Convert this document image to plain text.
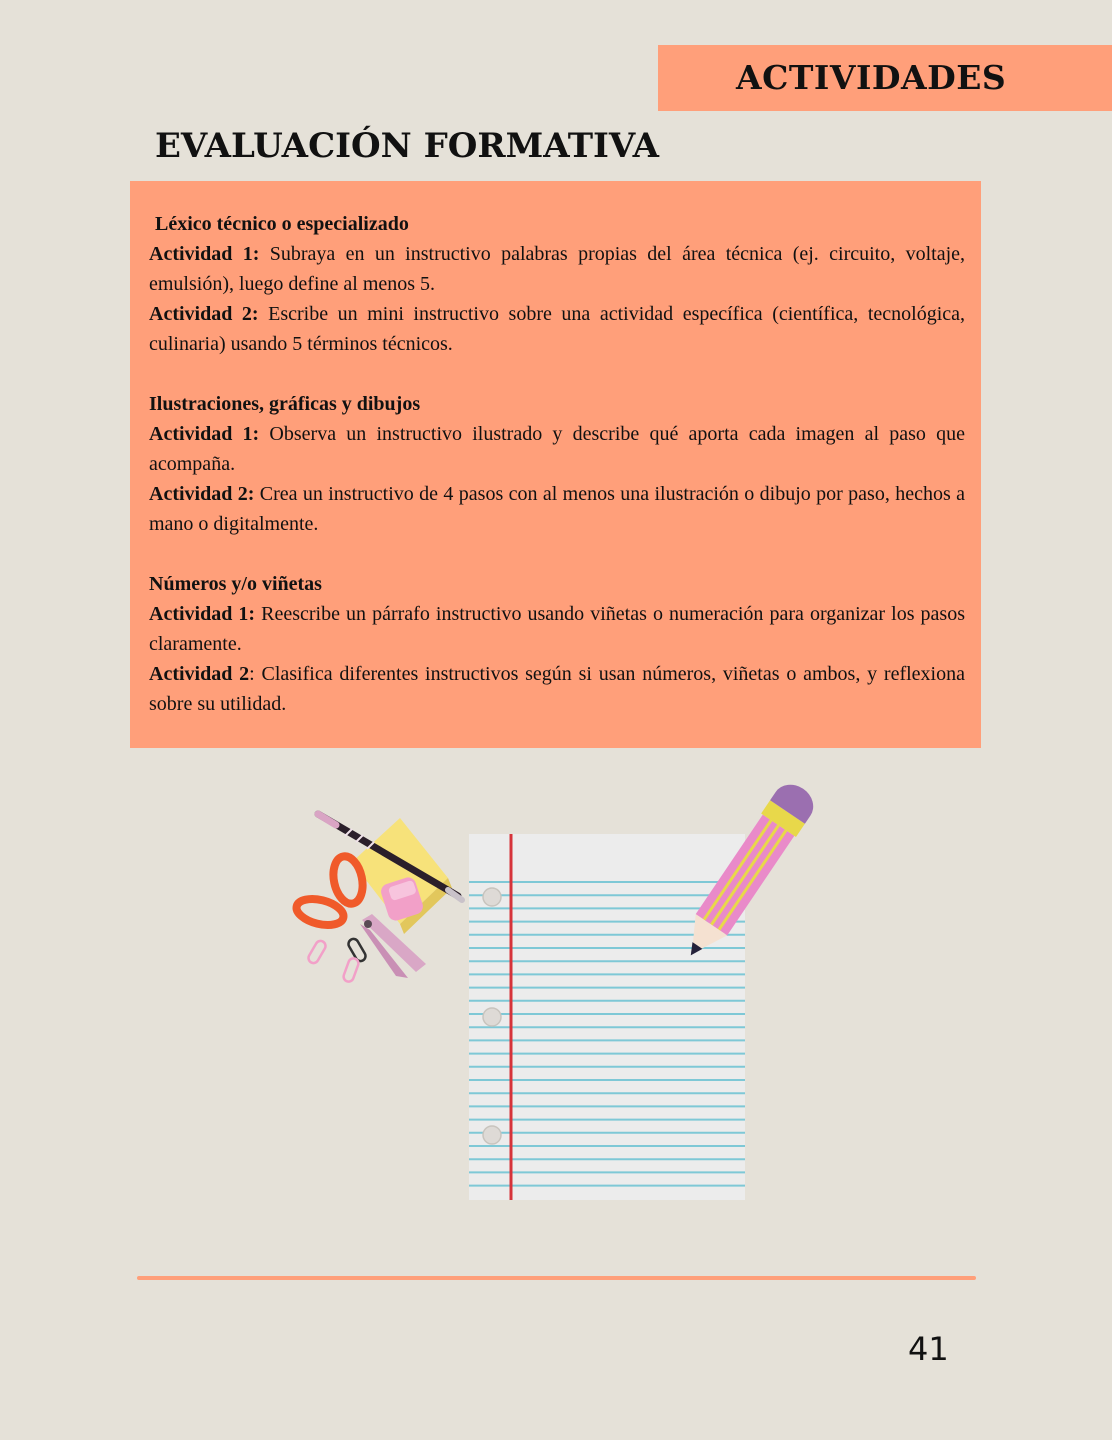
ACTIVIDADES
EVALUACIÓN FORMATIVA

Léxico técnico o especializado

Actividad 1: Subraya en un instructivo palabras propias del área técnica (ej. circuito, voltaje, emulsión), luego define al menos 5.

Actividad 2: Escribe un mini instructivo sobre una actividad específica (científica, tecnológica, culinaria) usando 5 términos técnicos.

Ilustraciones, gráficas y dibujos

Actividad 1: Observa un instructivo ilustrado y describe qué aporta cada imagen al paso que acompaña.

Actividad 2: Crea un instructivo de 4 pasos con al menos una ilustración o dibujo por paso, hechos a mano o digitalmente.

Números y/o viñetas

Actividad 1: Reescribe un párrafo instructivo usando viñetas o numeración para organizar los pasos claramente.

Actividad 2: Clasifica diferentes instructivos según si usan números, viñetas o ambos, y reflexiona sobre su utilidad.

41
